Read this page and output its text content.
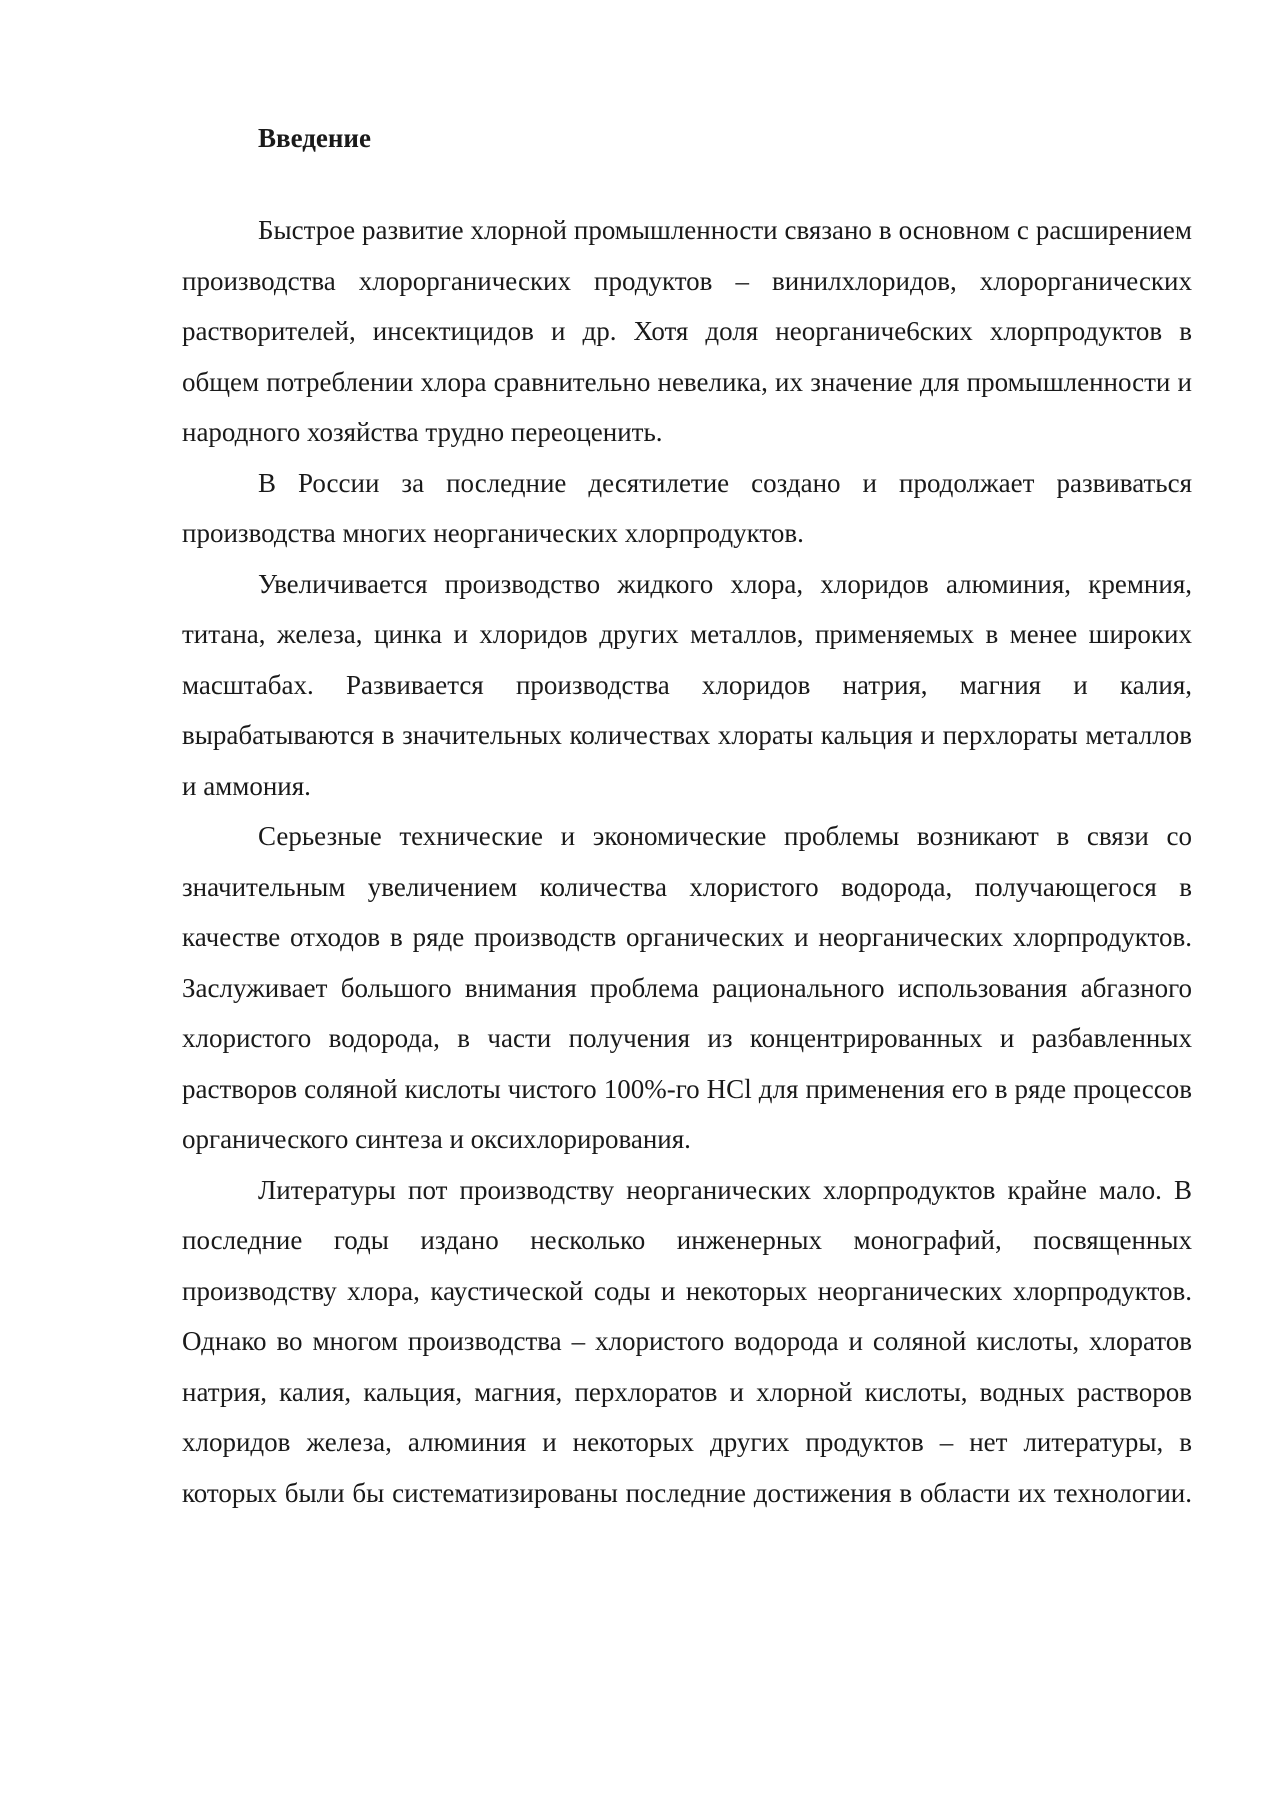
Введение

Быстрое развитие хлорной промышленности связано в основном с расширением производства хлорорганических продуктов – винилхлоридов, хлорорганических растворителей, инсектицидов и др. Хотя доля неорганиче6ских хлорпродуктов в общем потреблении хлора сравнительно невелика, их значение для промышленности и народного хозяйства трудно переоценить.

В России за последние десятилетие создано и продолжает развиваться производства многих неорганических хлорпродуктов.

Увеличивается производство жидкого хлора, хлоридов алюминия, кремния, титана, железа, цинка и хлоридов других металлов, применяемых в менее широких масштабах. Развивается производства хлоридов натрия, магния и калия, вырабатываются в значительных количествах хлораты кальция и перхлораты металлов и аммония.

Серьезные технические и экономические проблемы возникают в связи со значительным увеличением количества хлористого водорода, получающегося в качестве отходов в ряде производств органических и неорганических хлорпродуктов. Заслуживает большого внимания проблема рационального использования абгазного хлористого водорода, в части получения из концентрированных и разбавленных растворов соляной кислоты чистого 100%-го HCl для применения его в ряде процессов органического синтеза и оксихлорирования.

Литературы пот производству неорганических хлорпродуктов крайне мало. В последние годы издано несколько инженерных монографий, посвященных производству хлора, каустической соды и некоторых неорганических хлорпродуктов. Однако во многом производства – хлористого водорода и соляной кислоты, хлоратов натрия, калия, кальция, магния, перхлоратов и хлорной кислоты, водных растворов хлоридов железа, алюминия и некоторых других продуктов – нет литературы, в которых были бы систематизированы последние достижения в области их технологии.
